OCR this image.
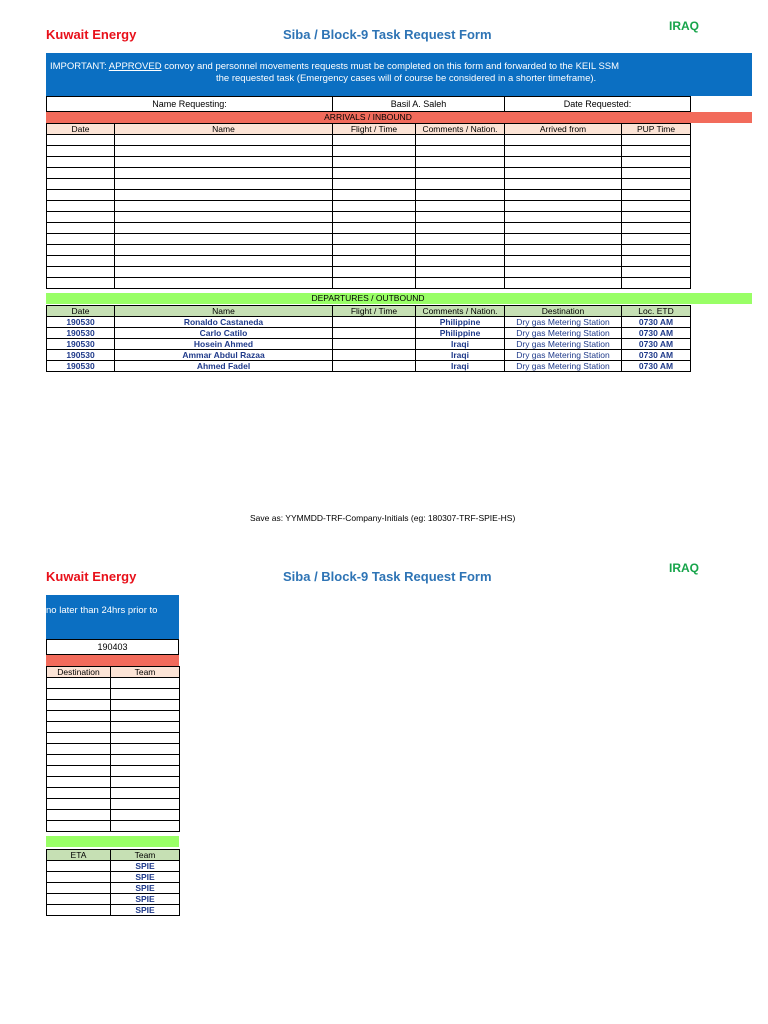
Kuwait Energy	Siba / Block-9 Task Request Form
IRAQ
IMPORTANT: APPROVED convoy and personnel movements requests must be completed on this form and forwarded to the KEIL SSM
the requested task (Emergency cases will of course be considered in a shorter timeframe).
Name Requesting:	Basil A. Saleh	Date Requested:
ARRIVALS / INBOUND
Date	Name	Flight / Time	Comments / Nation.	Arrived from	PUP Time

DEPARTURES / OUTBOUND
Date	Name	Flight / Time	Comments / Nation.	Destination	Loc. ETD
190530	Ronaldo Castaneda		Philippine	Dry gas Metering Station	0730 AM
190530	Carlo Catilo		Philippine	Dry gas Metering Station	0730 AM
190530	Hosein Ahmed		Iraqi	Dry gas Metering Station	0730 AM
190530	Ammar Abdul Razaa		Iraqi	Dry gas Metering Station	0730 AM
190530	Ahmed Fadel		Iraqi	Dry gas Metering Station	0730 AM
Save as: YYMMDD-TRF-Company-Initials (eg: 180307-TRF-SPIE-HS)
Kuwait Energy	Siba / Block-9 Task Request Form
IRAQ
no later than 24hrs prior to
190403
Destination	Team

ETA	Team
	SPIE
	SPIE
	SPIE
	SPIE
	SPIE
